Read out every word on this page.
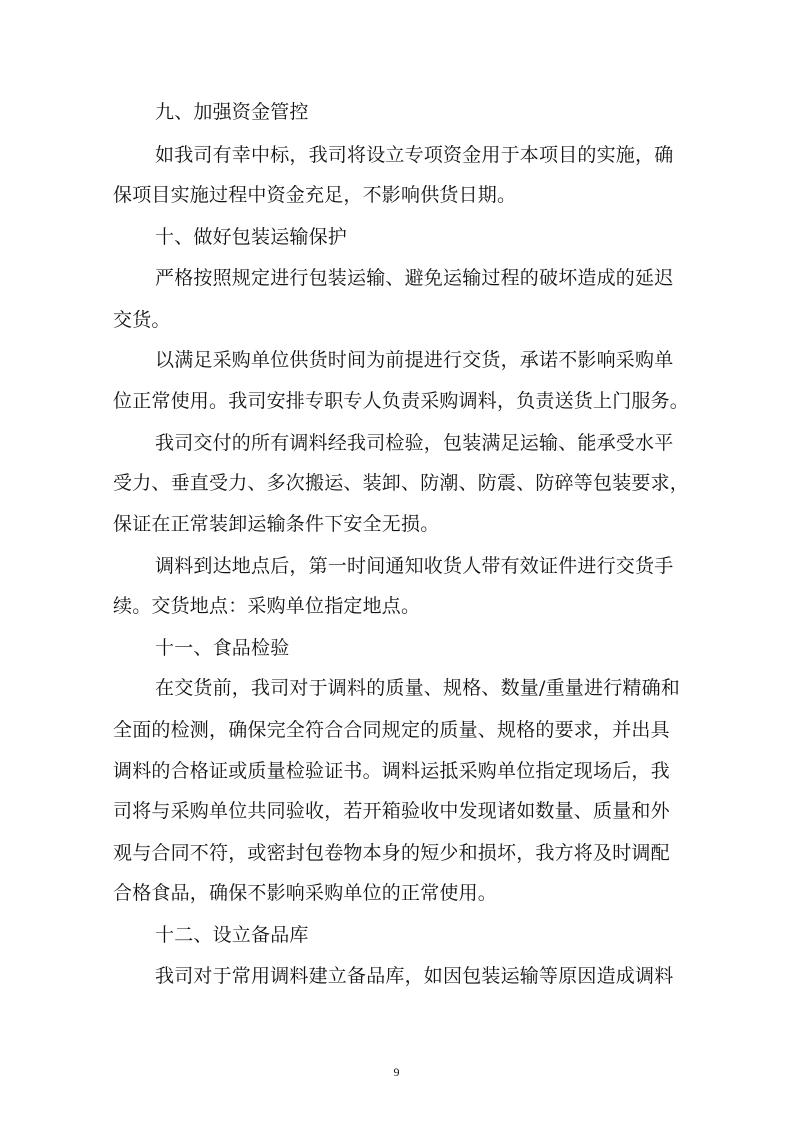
九、加强资金管控
如我司有幸中标，我司将设立专项资金用于本项目的实施，确
保项目实施过程中资金充足，不影响供货日期。
十、做好包装运输保护
严格按照规定进行包装运输、避免运输过程的破坏造成的延迟
交货。
以满足采购单位供货时间为前提进行交货，承诺不影响采购单
位正常使用。我司安排专职专人负责采购调料，负责送货上门服务。
我司交付的所有调料经我司检验，包装满足运输、能承受水平
受力、垂直受力、多次搬运、装卸、防潮、防震、防碎等包装要求，
保证在正常装卸运输条件下安全无损。
调料到达地点后，第一时间通知收货人带有效证件进行交货手
续。交货地点：采购单位指定地点。
十一、食品检验
在交货前，我司对于调料的质量、规格、数量/重量进行精确和
全面的检测，确保完全符合合同规定的质量、规格的要求，并出具
调料的合格证或质量检验证书。调料运抵采购单位指定现场后，我
司将与采购单位共同验收，若开箱验收中发现诸如数量、质量和外
观与合同不符，或密封包卷物本身的短少和损坏，我方将及时调配
合格食品，确保不影响采购单位的正常使用。
十二、设立备品库
我司对于常用调料建立备品库，如因包装运输等原因造成调料
9
